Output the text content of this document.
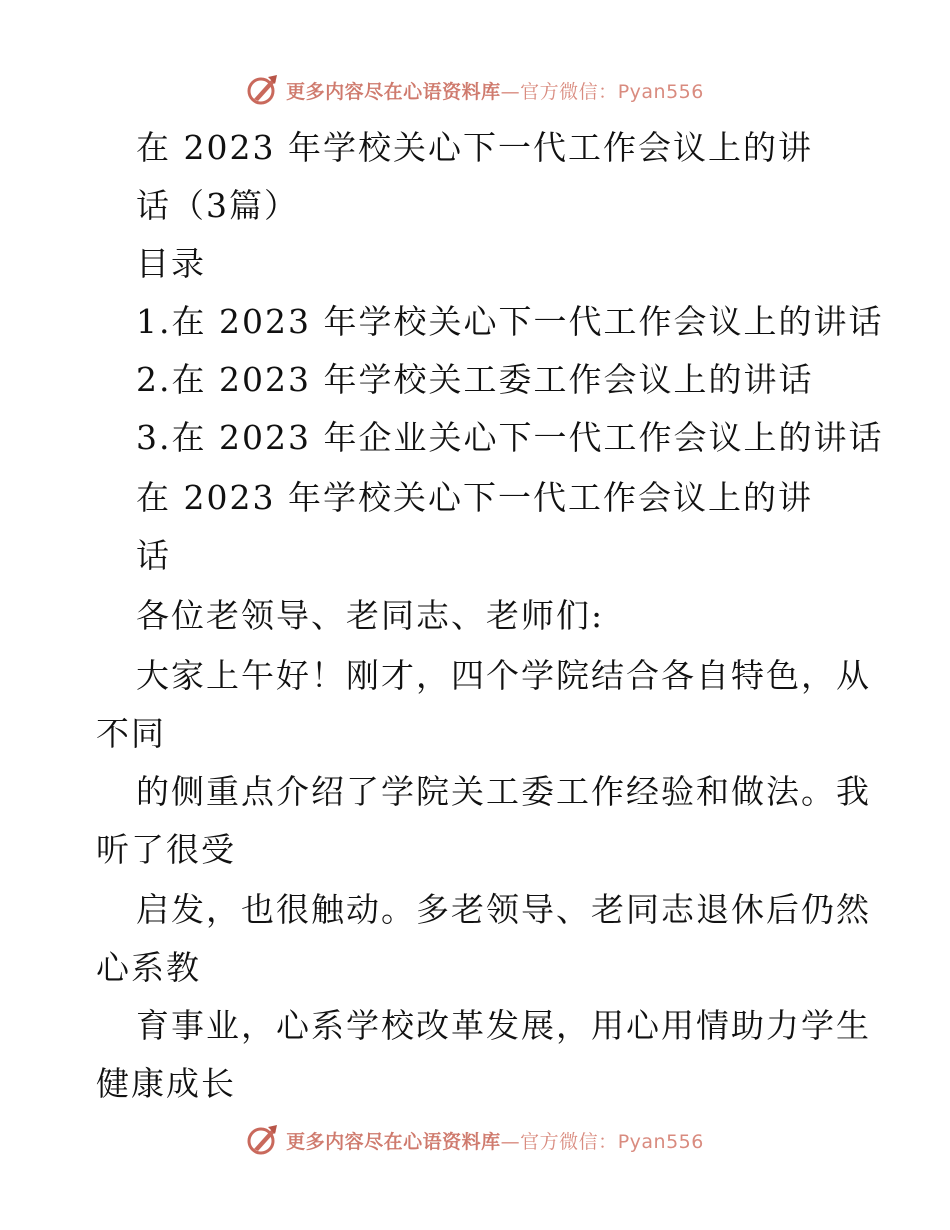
更多内容尽在心语资料库—官方微信：Pyan556
在 2023 年学校关心下一代工作会议上的讲
话（3篇）
目录
1.在 2023 年学校关心下一代工作会议上的讲话
2.在 2023 年学校关工委工作会议上的讲话
3.在 2023 年企业关心下一代工作会议上的讲话
在 2023 年学校关心下一代工作会议上的讲
话
各位老领导、老同志、老师们:
大家上午好！刚才，四个学院结合各自特色，从
不同
的侧重点介绍了学院关工委工作经验和做法。我
听了很受
启发，也很触动。多老领导、老同志退休后仍然
心系教
育事业，心系学校改革发展，用心用情助力学生
健康成长
更多内容尽在心语资料库—官方微信：Pyan556
